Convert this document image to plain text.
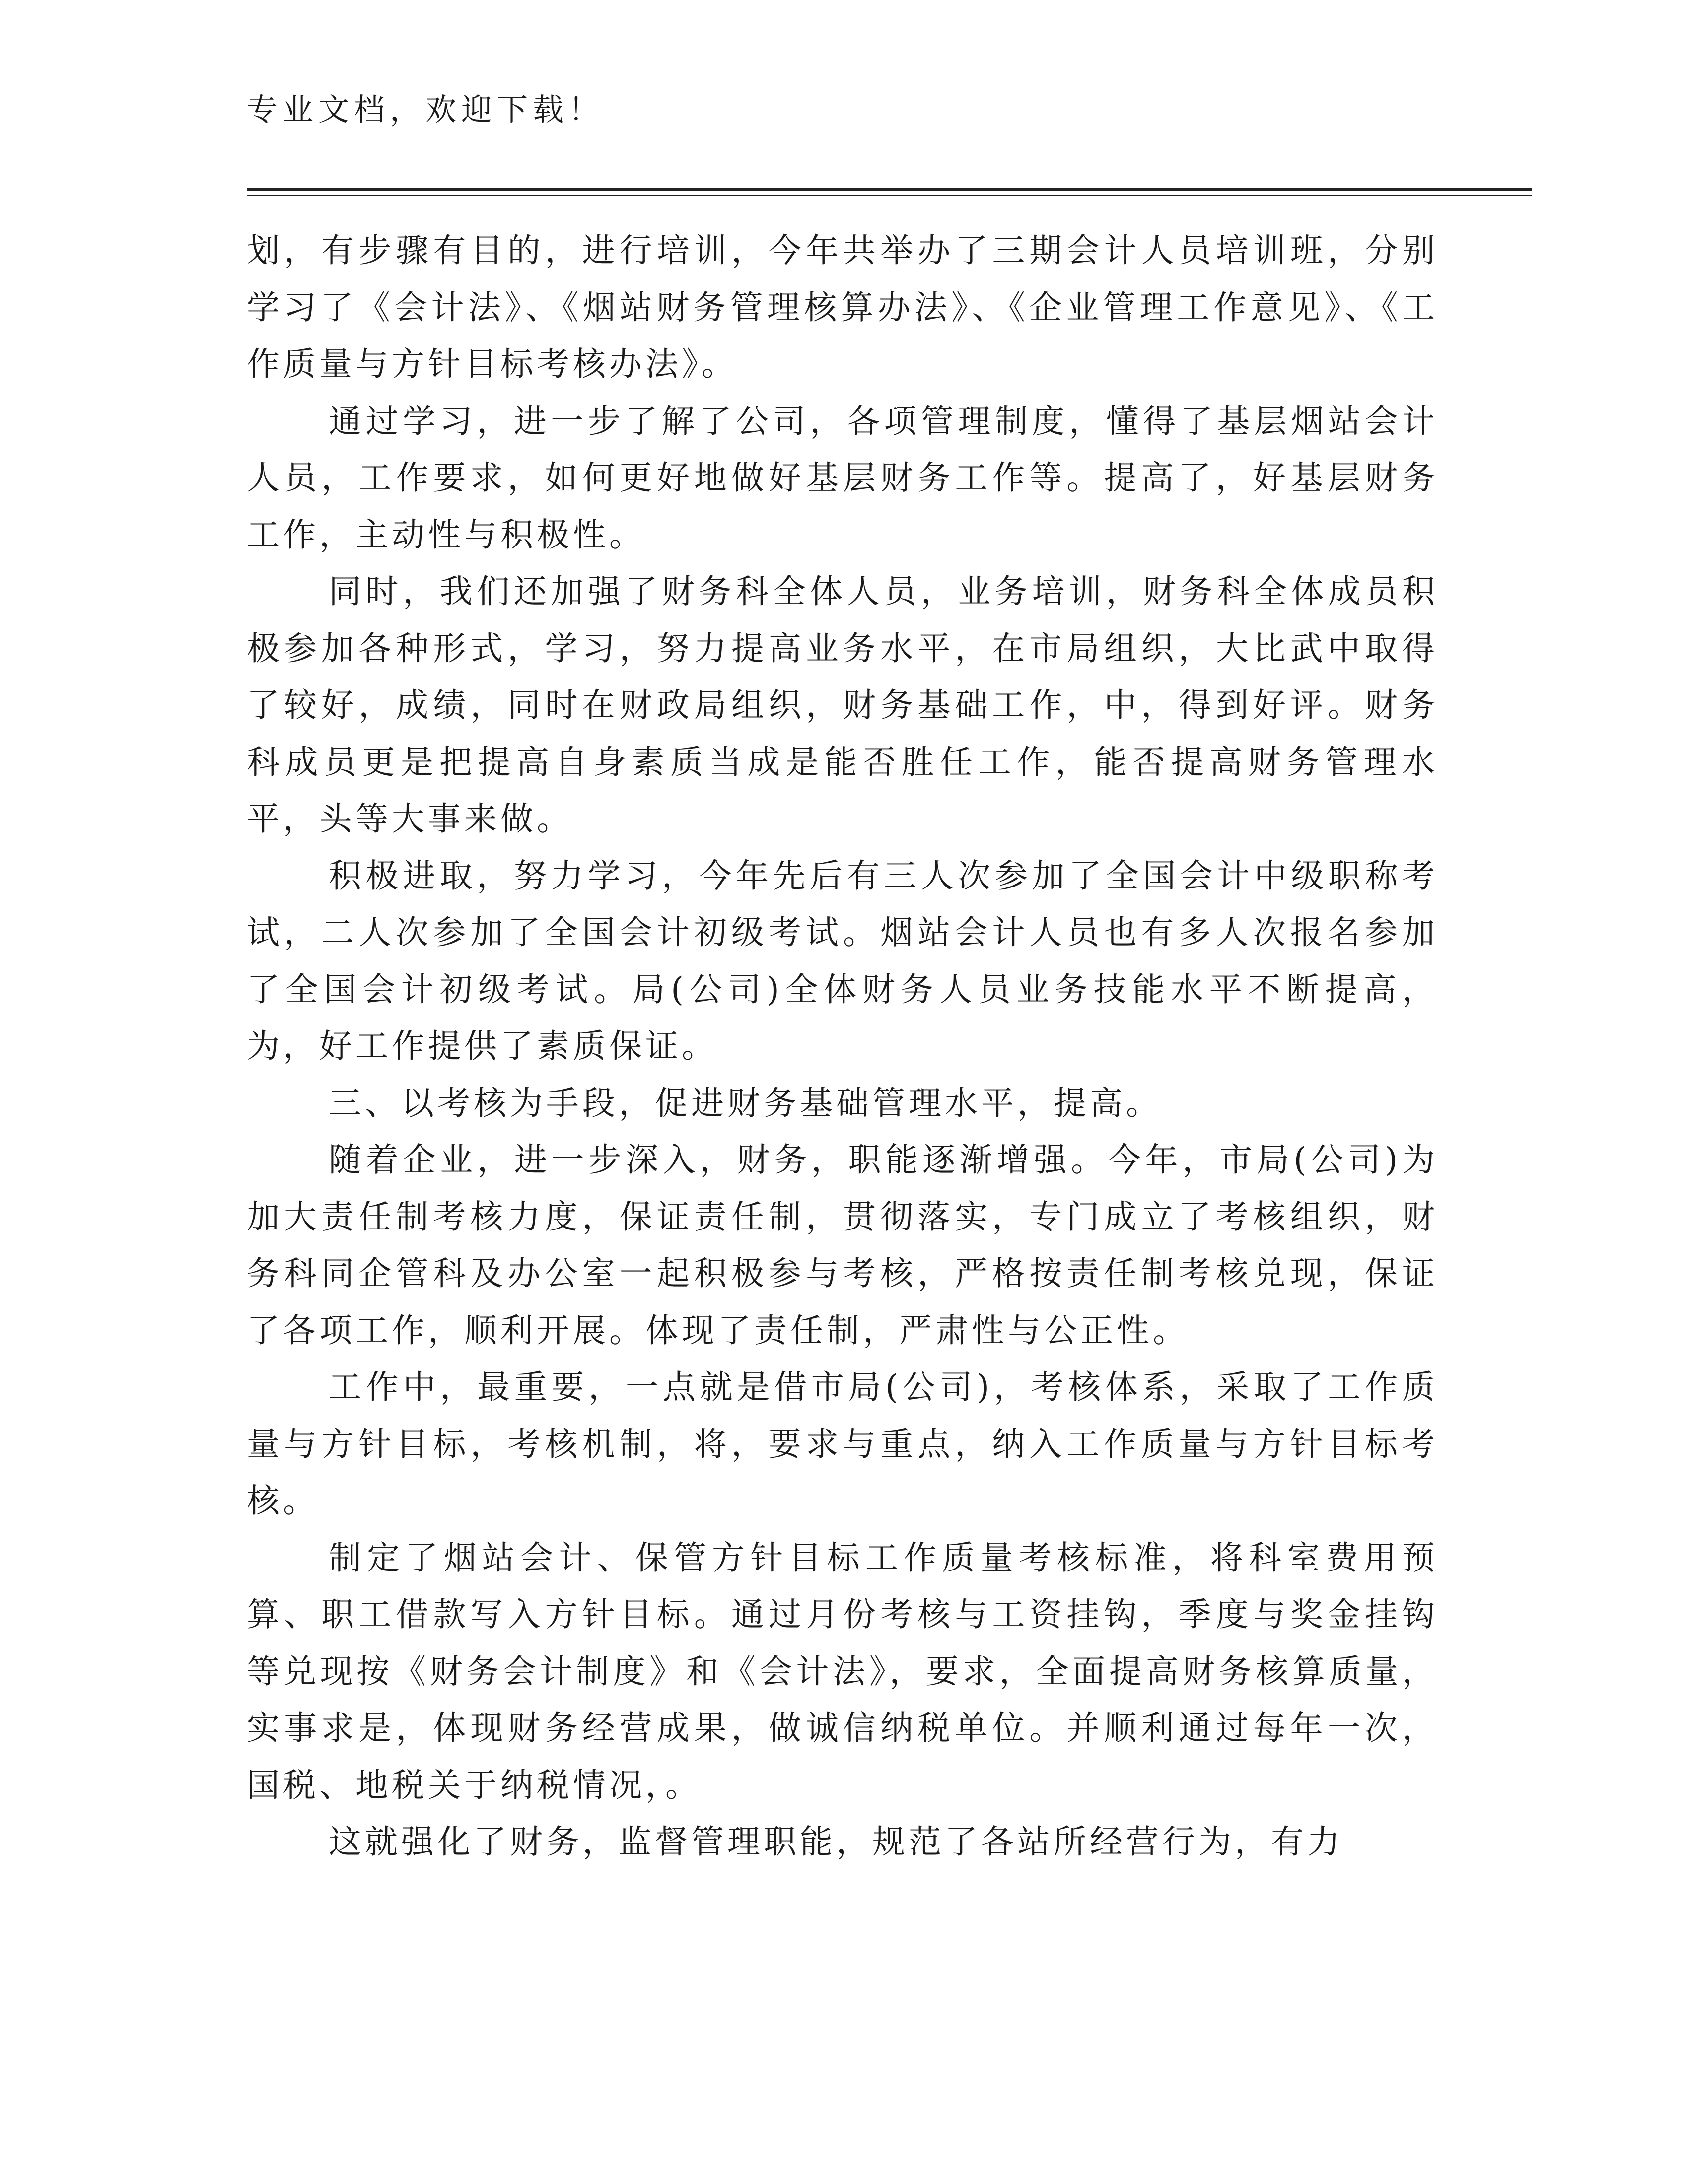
专业文档，欢迎下载！

划，有步骤有目的，进行培训，今年共举办了三期会计人员培训班，分别学习了《会计法》、《烟站财务管理核算办法》、《企业管理工作意见》、《工作质量与方针目标考核办法》。

通过学习，进一步了解了公司，各项管理制度，懂得了基层烟站会计人员，工作要求，如何更好地做好基层财务工作等。提高了，好基层财务工作，主动性与积极性。

同时，我们还加强了财务科全体人员，业务培训，财务科全体成员积极参加各种形式，学习，努力提高业务水平，在市局组织，大比武中取得了较好，成绩，同时在财政局组织，财务基础工作，中，得到好评。财务科成员更是把提高自身素质当成是能否胜任工作，能否提高财务管理水平，头等大事来做。

积极进取，努力学习，今年先后有三人次参加了全国会计中级职称考试，二人次参加了全国会计初级考试。烟站会计人员也有多人次报名参加了全国会计初级考试。局(公司)全体财务人员业务技能水平不断提高，为，好工作提供了素质保证。

三、以考核为手段，促进财务基础管理水平，提高。

随着企业，进一步深入，财务，职能逐渐增强。今年，市局(公司)为加大责任制考核力度，保证责任制，贯彻落实，专门成立了考核组织，财务科同企管科及办公室一起积极参与考核，严格按责任制考核兑现，保证了各项工作，顺利开展。体现了责任制，严肃性与公正性。

工作中，最重要，一点就是借市局(公司)，考核体系，采取了工作质量与方针目标，考核机制，将，要求与重点，纳入工作质量与方针目标考核。

制定了烟站会计、保管方针目标工作质量考核标准，将科室费用预算、职工借款写入方针目标。通过月份考核与工资挂钩，季度与奖金挂钩等兑现按《财务会计制度》和《会计法》，要求，全面提高财务核算质量，实事求是，体现财务经营成果，做诚信纳税单位。并顺利通过每年一次，国税、地税关于纳税情况，。

这就强化了财务，监督管理职能，规范了各站所经营行为，有力
